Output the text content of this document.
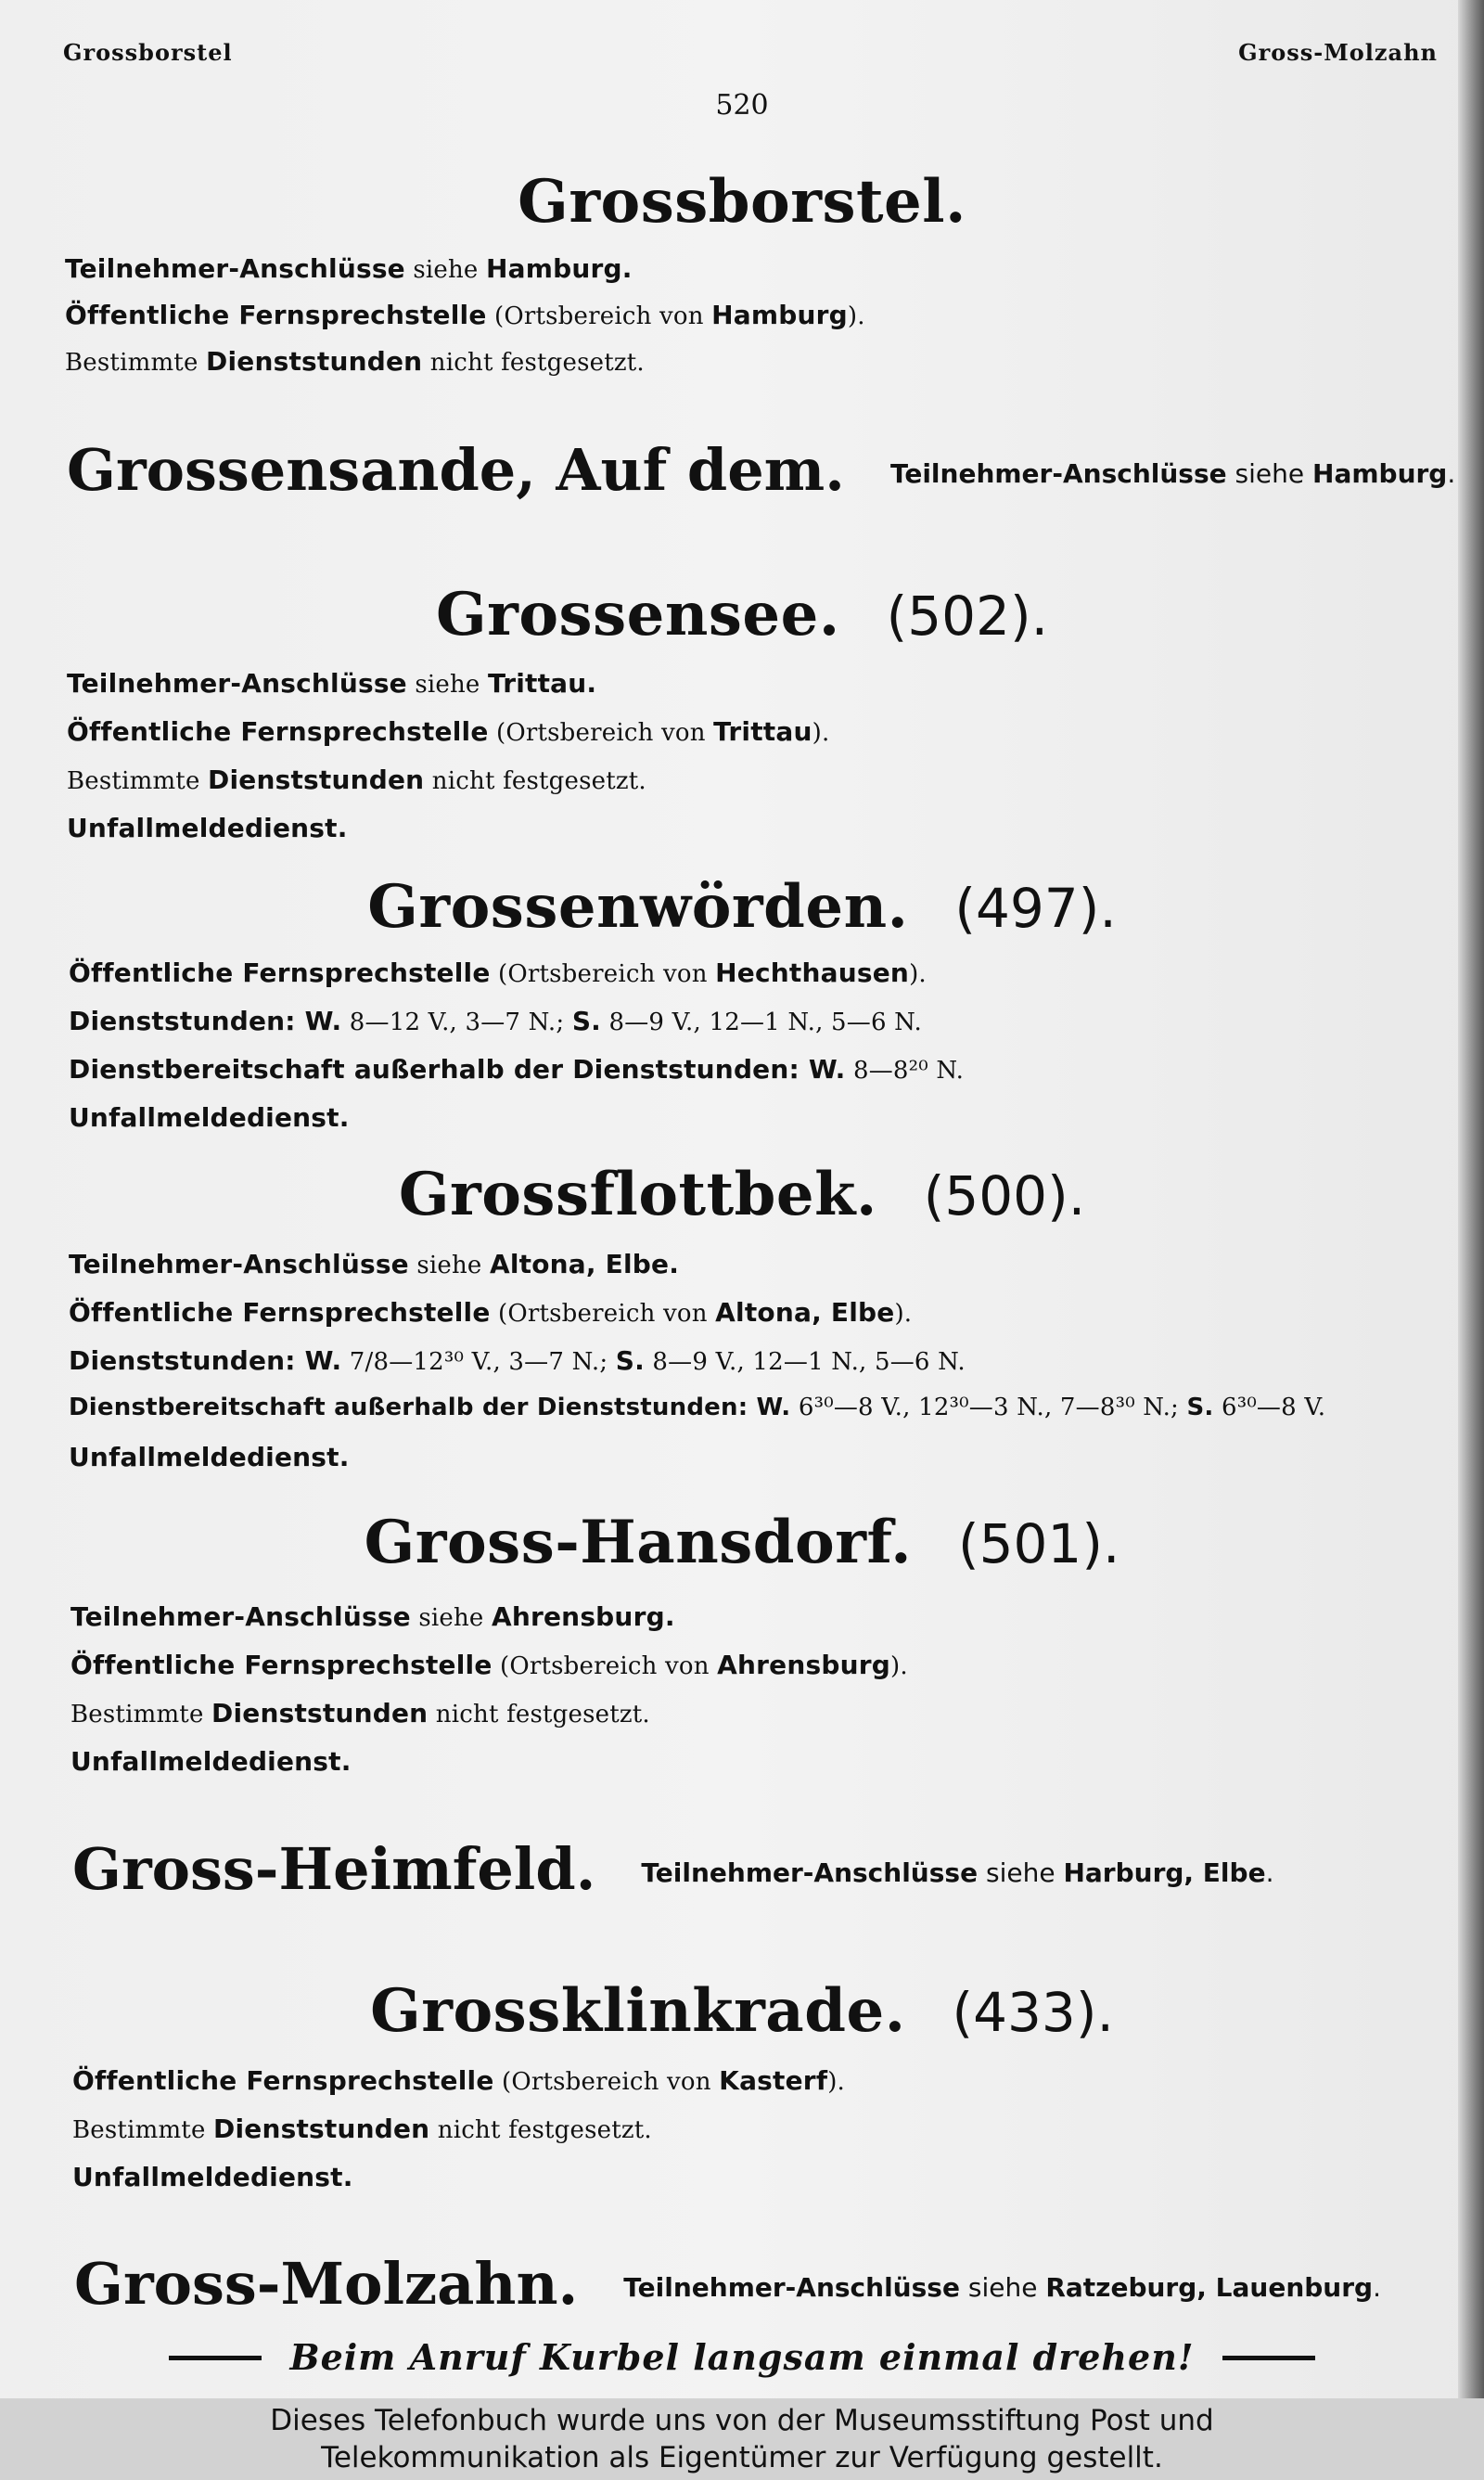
Grossborstel	Gross-Molzahn
520
Grossborstel.
Teilnehmer-Anschlüsse siehe Hamburg.
Öffentliche Fernsprechstelle (Ortsbereich von Hamburg).
Bestimmte Dienststunden nicht festgesetzt.
Grossensande, Auf dem. Teilnehmer-Anschlüsse siehe Hamburg.
Grossensee. (502).
Teilnehmer-Anschlüsse siehe Trittau.
Öffentliche Fernsprechstelle (Ortsbereich von Trittau).
Bestimmte Dienststunden nicht festgesetzt.
Unfallmeldedienst.
Grossenwörden. (497).
Öffentliche Fernsprechstelle (Ortsbereich von Hechthausen).
Dienststunden: W. 8—12 V., 3—7 N.; S. 8—9 V., 12—1 N., 5—6 N.
Dienstbereitschaft außerhalb der Dienststunden: W. 8—8²⁰ N.
Unfallmeldedienst.
Grossflottbek. (500).
Teilnehmer-Anschlüsse siehe Altona, Elbe.
Öffentliche Fernsprechstelle (Ortsbereich von Altona, Elbe).
Dienststunden: W. 7/8—12³⁰ V., 3—7 N.; S. 8—9 V., 12—1 N., 5—6 N.
Dienstbereitschaft außerhalb der Dienststunden: W. 6³⁰—8 V., 12³⁰—3 N., 7—8³⁰ N.; S. 6³⁰—8 V.
Unfallmeldedienst.
Gross-Hansdorf. (501).
Teilnehmer-Anschlüsse siehe Ahrensburg.
Öffentliche Fernsprechstelle (Ortsbereich von Ahrensburg).
Bestimmte Dienststunden nicht festgesetzt.
Unfallmeldedienst.
Gross-Heimfeld. Teilnehmer-Anschlüsse siehe Harburg, Elbe.
Grossklinkrade. (433).
Öffentliche Fernsprechstelle (Ortsbereich von Kasterf).
Bestimmte Dienststunden nicht festgesetzt.
Unfallmeldedienst.
Gross-Molzahn. Teilnehmer-Anschlüsse siehe Ratzeburg, Lauenburg.
Beim Anruf Kurbel langsam einmal drehen!
Dieses Telefonbuch wurde uns von der Museumsstiftung Post und
Telekommunikation als Eigentümer zur Verfügung gestellt.
